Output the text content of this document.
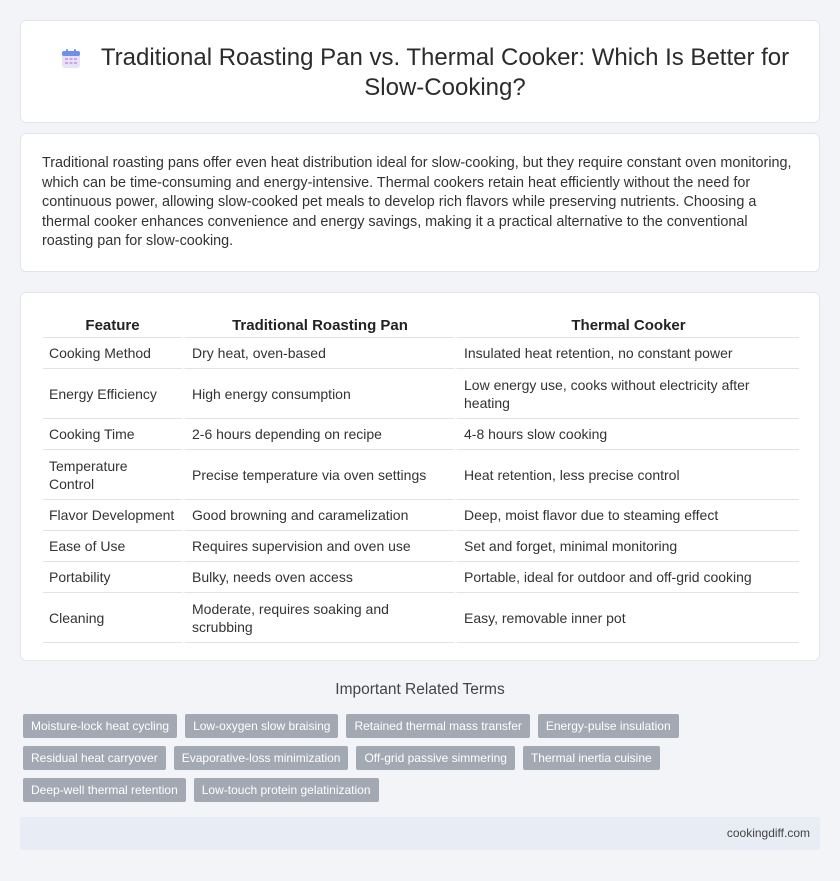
Traditional Roasting Pan vs. Thermal Cooker: Which Is Better for Slow-Cooking?

Traditional roasting pans offer even heat distribution ideal for slow-cooking, but they require constant oven monitoring, which can be time-consuming and energy-intensive. Thermal cookers retain heat efficiently without the need for continuous power, allowing slow-cooked pet meals to develop rich flavors while preserving nutrients. Choosing a thermal cooker enhances convenience and energy savings, making it a practical alternative to the conventional roasting pan for slow-cooking.

Feature	Traditional Roasting Pan	Thermal Cooker
Cooking Method	Dry heat, oven-based	Insulated heat retention, no constant power
Energy Efficiency	High energy consumption	Low energy use, cooks without electricity after heating
Cooking Time	2-6 hours depending on recipe	4-8 hours slow cooking
Temperature Control	Precise temperature via oven settings	Heat retention, less precise control
Flavor Development	Good browning and caramelization	Deep, moist flavor due to steaming effect
Ease of Use	Requires supervision and oven use	Set and forget, minimal monitoring
Portability	Bulky, needs oven access	Portable, ideal for outdoor and off-grid cooking
Cleaning	Moderate, requires soaking and scrubbing	Easy, removable inner pot
Important Related Terms
Moisture-lock heat cycling	Low-oxygen slow braising	Retained thermal mass transfer	Energy-pulse insulation
Residual heat carryover	Evaporative-loss minimization	Off-grid passive simmering	Thermal inertia cuisine
Deep-well thermal retention	Low-touch protein gelatinization
cookingdiff.com
